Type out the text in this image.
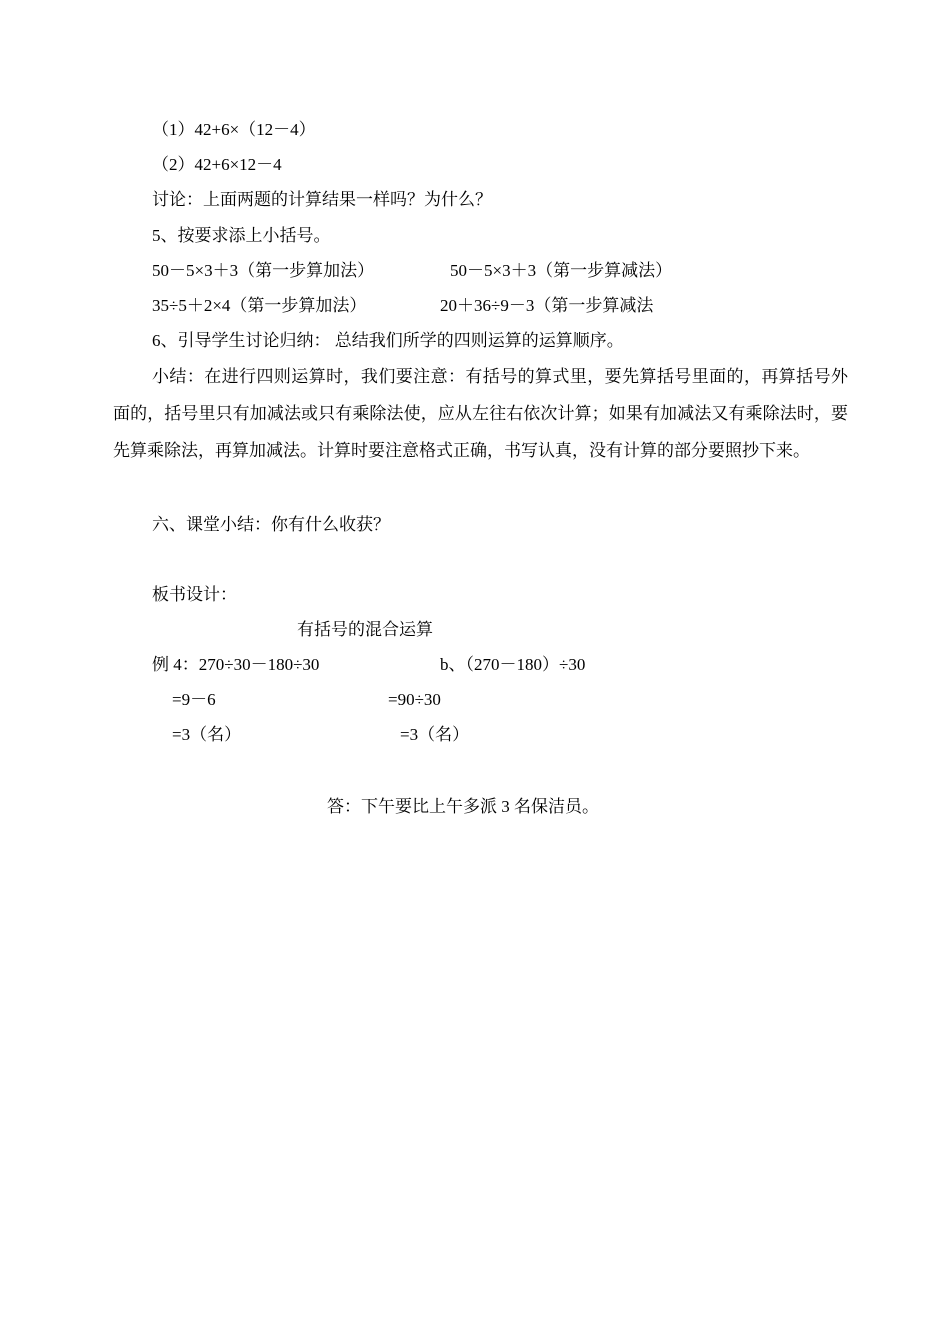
（1）42+6×（12－4）
（2）42+6×12－4
讨论：上面两题的计算结果一样吗？为什么？
5、按要求添上小括号。
50－5×3＋3（第一步算加法）	50－5×3＋3（第一步算减法）
35÷5＋2×4（第一步算加法）	20＋36÷9－3（第一步算减法
6、引导学生讨论归纳： 总结我们所学的四则运算的运算顺序。
小结：在进行四则运算时，我们要注意：有括号的算式里，要先算括号里面的，再算括号外面的，括号里只有加减法或只有乘除法使，应从左往右依次计算；如果有加减法又有乘除法时，要先算乘除法，再算加减法。计算时要注意格式正确，书写认真，没有计算的部分要照抄下来。
六、课堂小结：你有什么收获？
板书设计：
有括号的混合运算
例 4：270÷30－180÷30	b、（270－180）÷30
=9－6	=90÷30
=3（名）	=3（名）
答：下午要比上午多派 3 名保洁员。
